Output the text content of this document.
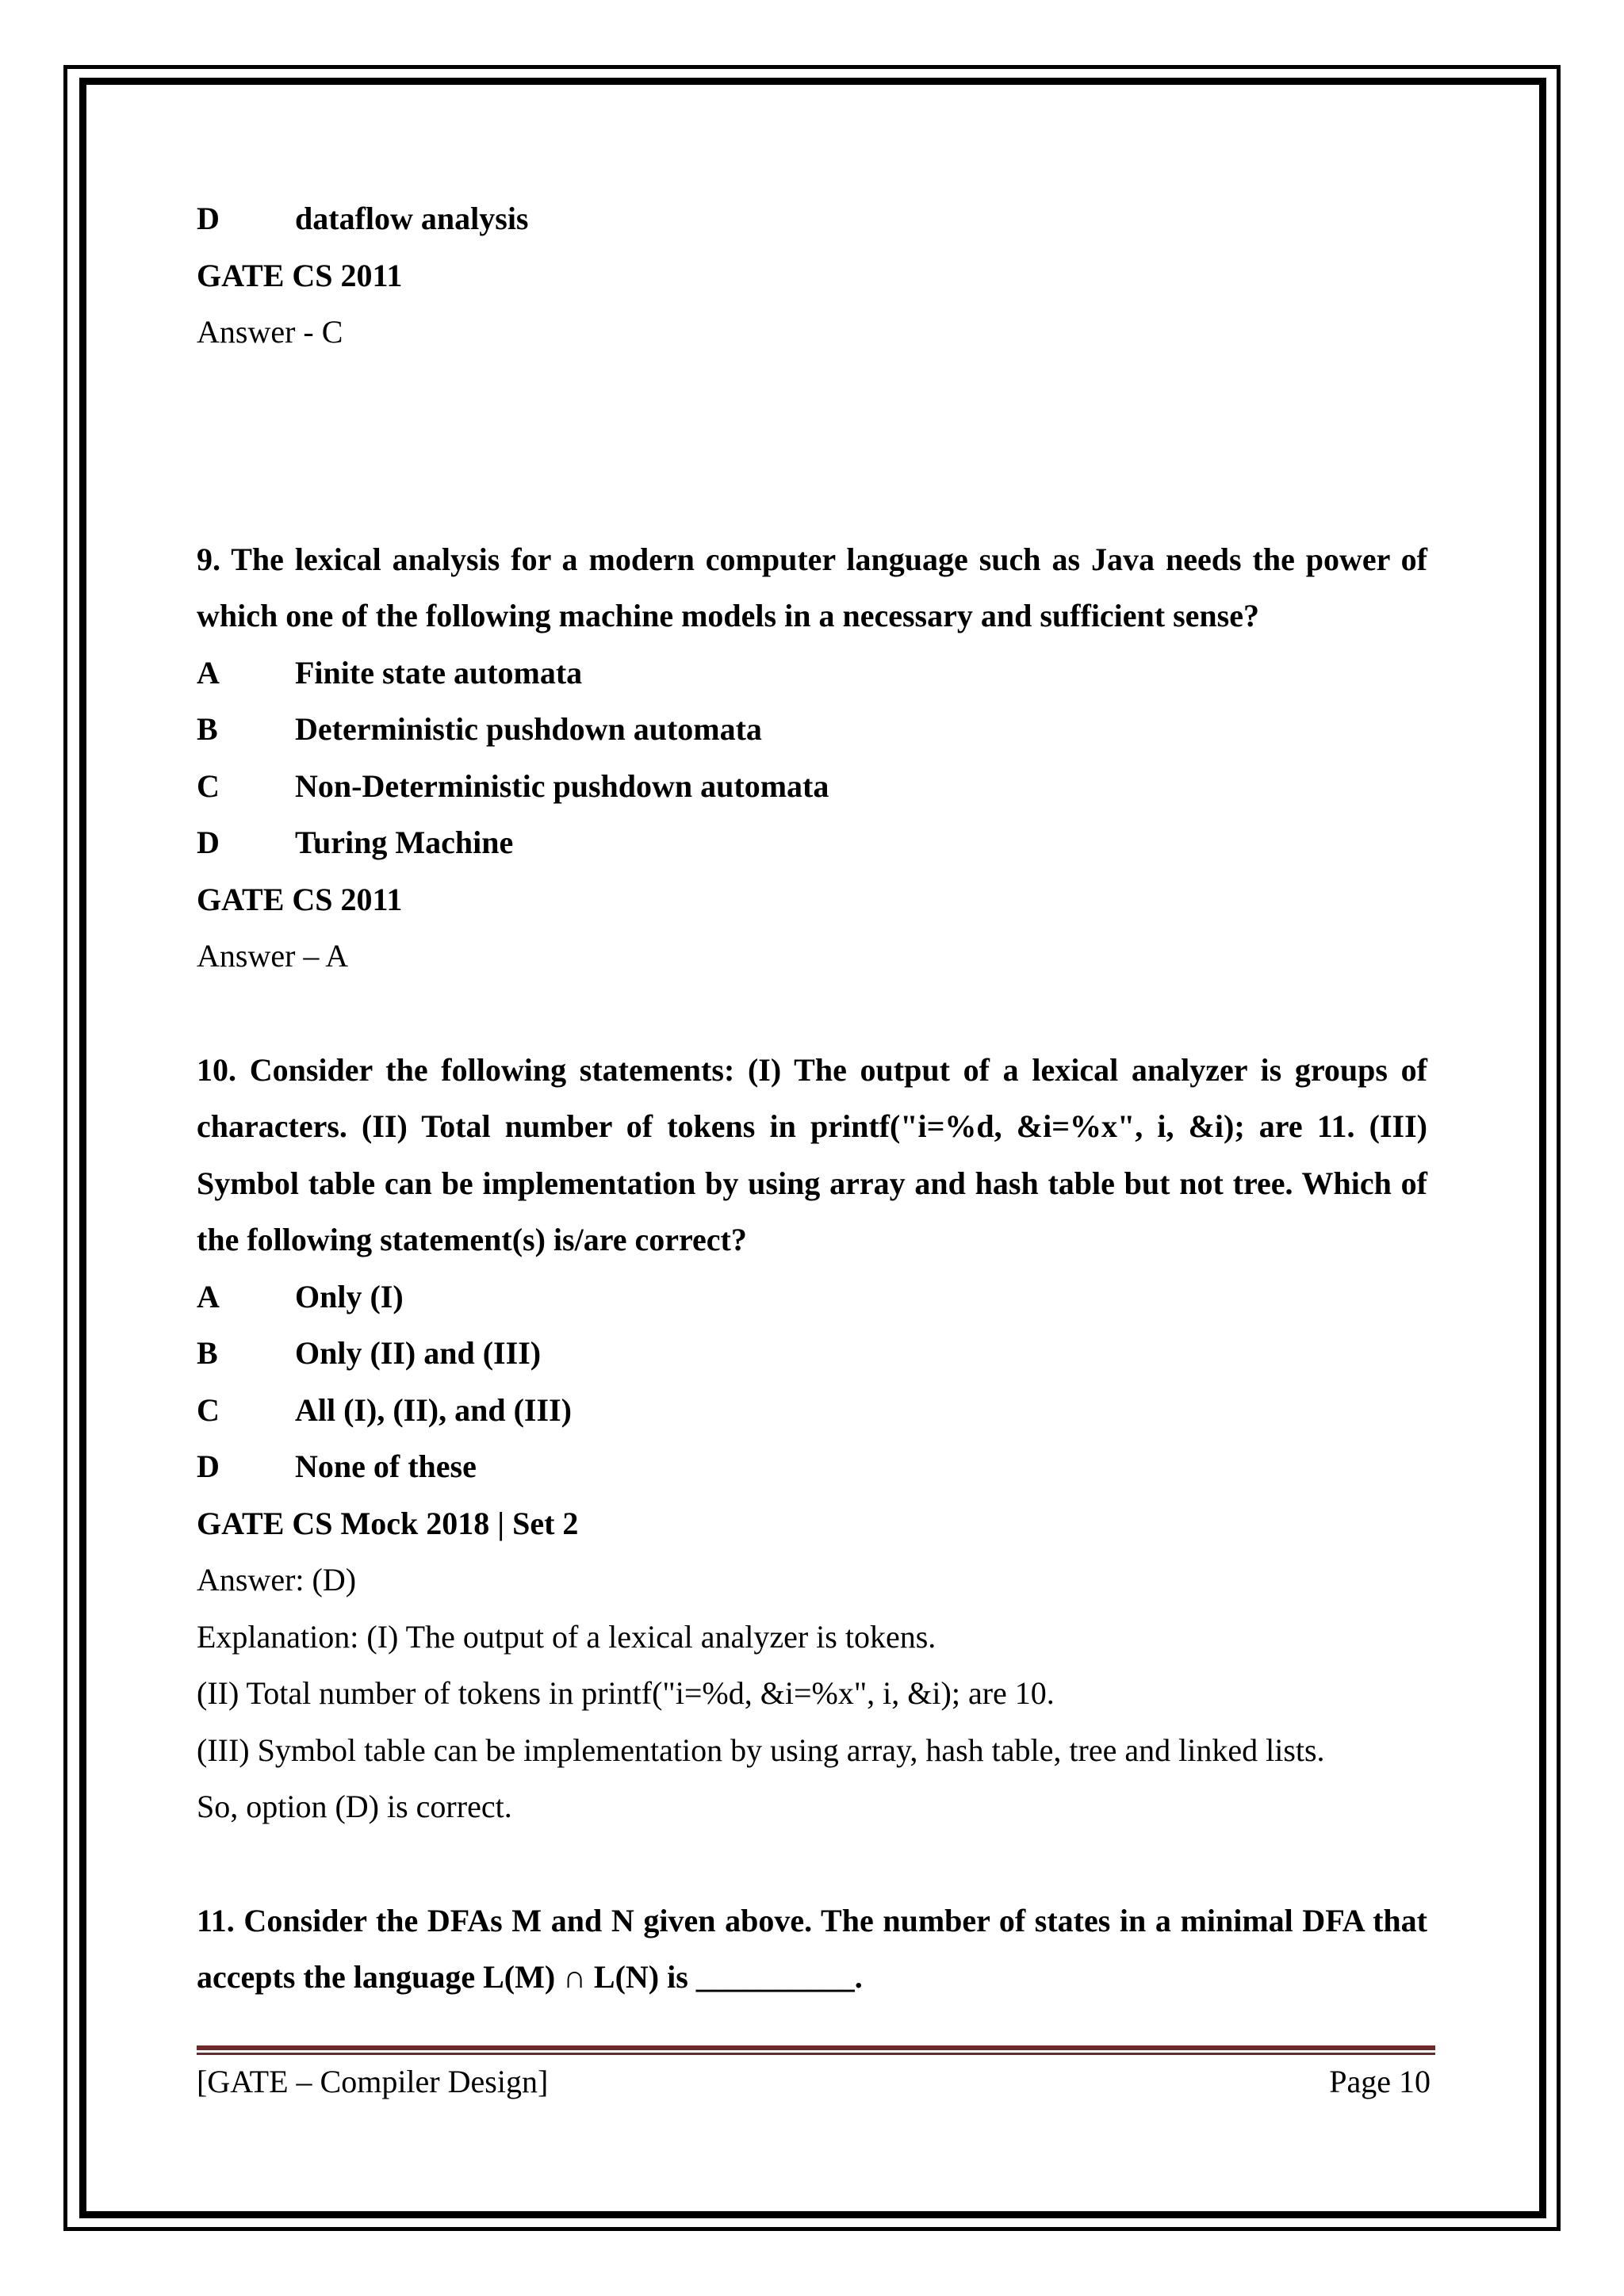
D	dataflow analysis
GATE CS 2011
Answer - C
9. The lexical analysis for a modern computer language such as Java needs the power of which one of the following machine models in a necessary and sufficient sense?
A	Finite state automata
B	Deterministic pushdown automata
C	Non-Deterministic pushdown automata
D	Turing Machine
GATE CS 2011
Answer – A
10. Consider the following statements: (I) The output of a lexical analyzer is groups of characters. (II) Total number of tokens in printf("i=%d, &i=%x", i, &i); are 11. (III) Symbol table can be implementation by using array and hash table but not tree. Which of the following statement(s) is/are correct?
A	Only (I)
B	Only (II) and (III)
C	All (I), (II), and (III)
D	None of these
GATE CS Mock 2018 | Set 2
Answer: (D)
Explanation: (I) The output of a lexical analyzer is tokens.
(II) Total number of tokens in printf("i=%d, &i=%x", i, &i); are 10.
(III) Symbol table can be implementation by using array, hash table, tree and linked lists.
So, option (D) is correct.
11. Consider the DFAs M and N given above. The number of states in a minimal DFA that accepts the language L(M) ∩ L(N) is __________.
[GATE – Compiler Design]	Page 10
